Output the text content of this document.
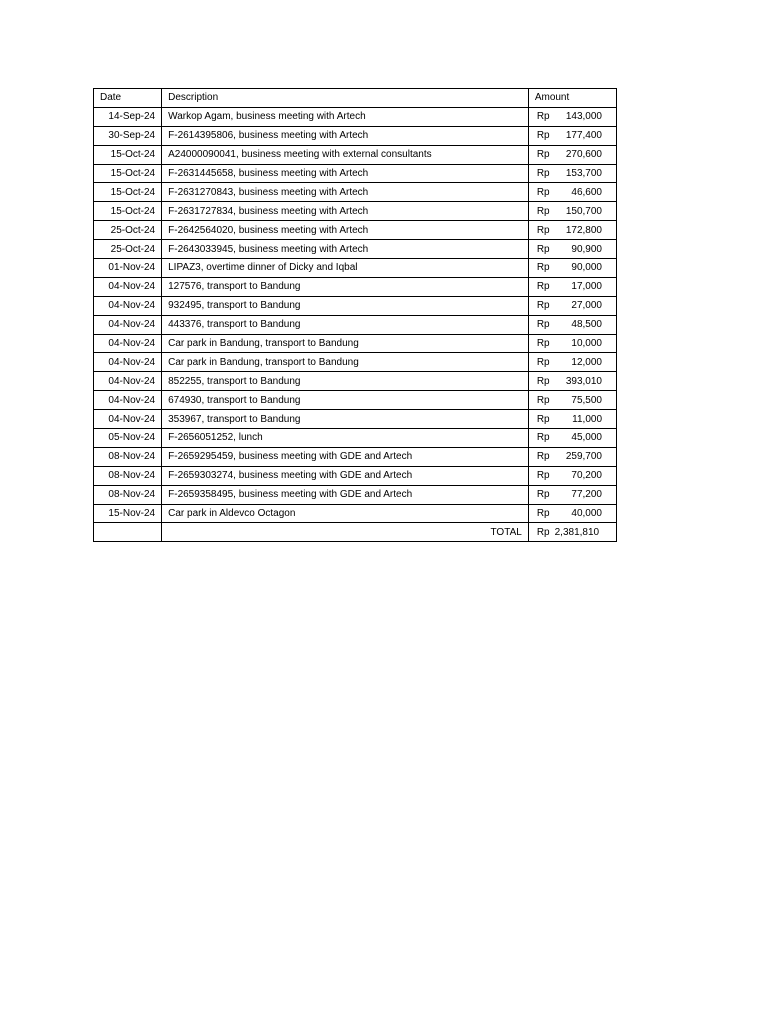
Date	Description	Amount
14-Sep-24	Warkop Agam, business meeting with Artech	Rp 143,000

30-Sep-24	F-2614395806, business meeting with Artech	Rp 177,400

15-Oct-24	A24000090041, business meeting with external consultants	Rp 270,600

15-Oct-24	F-2631445658, business meeting with Artech	Rp 153,700

15-Oct-24	F-2631270843, business meeting with Artech	Rp 46,600

15-Oct-24	F-2631727834, business meeting with Artech	Rp 150,700

25-Oct-24	F-2642564020, business meeting with Artech	Rp 172,800

25-Oct-24	F-2643033945, business meeting with Artech	Rp 90,900

01-Nov-24	LIPAZ3, overtime dinner of Dicky and Iqbal	Rp 90,000

04-Nov-24	127576, transport to Bandung	Rp 17,000

04-Nov-24	932495, transport to Bandung	Rp 27,000

04-Nov-24	443376, transport to Bandung	Rp 48,500

04-Nov-24	Car park in Bandung, transport to Bandung	Rp 10,000

04-Nov-24	Car park in Bandung, transport to Bandung	Rp 12,000

04-Nov-24	852255, transport to Bandung	Rp 393,010

04-Nov-24	674930, transport to Bandung	Rp 75,500

04-Nov-24	353967, transport to Bandung	Rp 11,000

05-Nov-24	F-2656051252, lunch	Rp 45,000

08-Nov-24	F-2659295459, business meeting with GDE and Artech	Rp 259,700

08-Nov-24	F-2659303274, business meeting with GDE and Artech	Rp 70,200

08-Nov-24	F-2659358495, business meeting with GDE and Artech	Rp 77,200

15-Nov-24	Car park in Aldevco Octagon	Rp 40,000

	TOTAL	Rp 2,381,810
